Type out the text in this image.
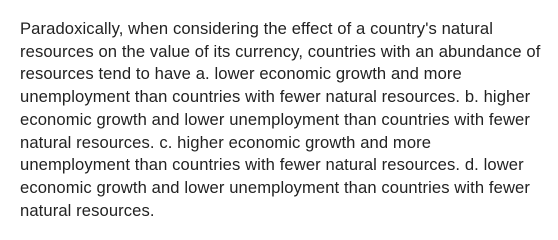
Paradoxically, when considering the effect of a country's natural resources on the value of its currency, countries with an abundance of resources tend to have a. lower economic growth and more unemployment than countries with fewer natural resources. b. higher economic growth and lower unemployment than countries with fewer natural resources. c. higher economic growth and more unemployment than countries with fewer natural resources. d. lower economic growth and lower unemployment than countries with fewer natural resources.
